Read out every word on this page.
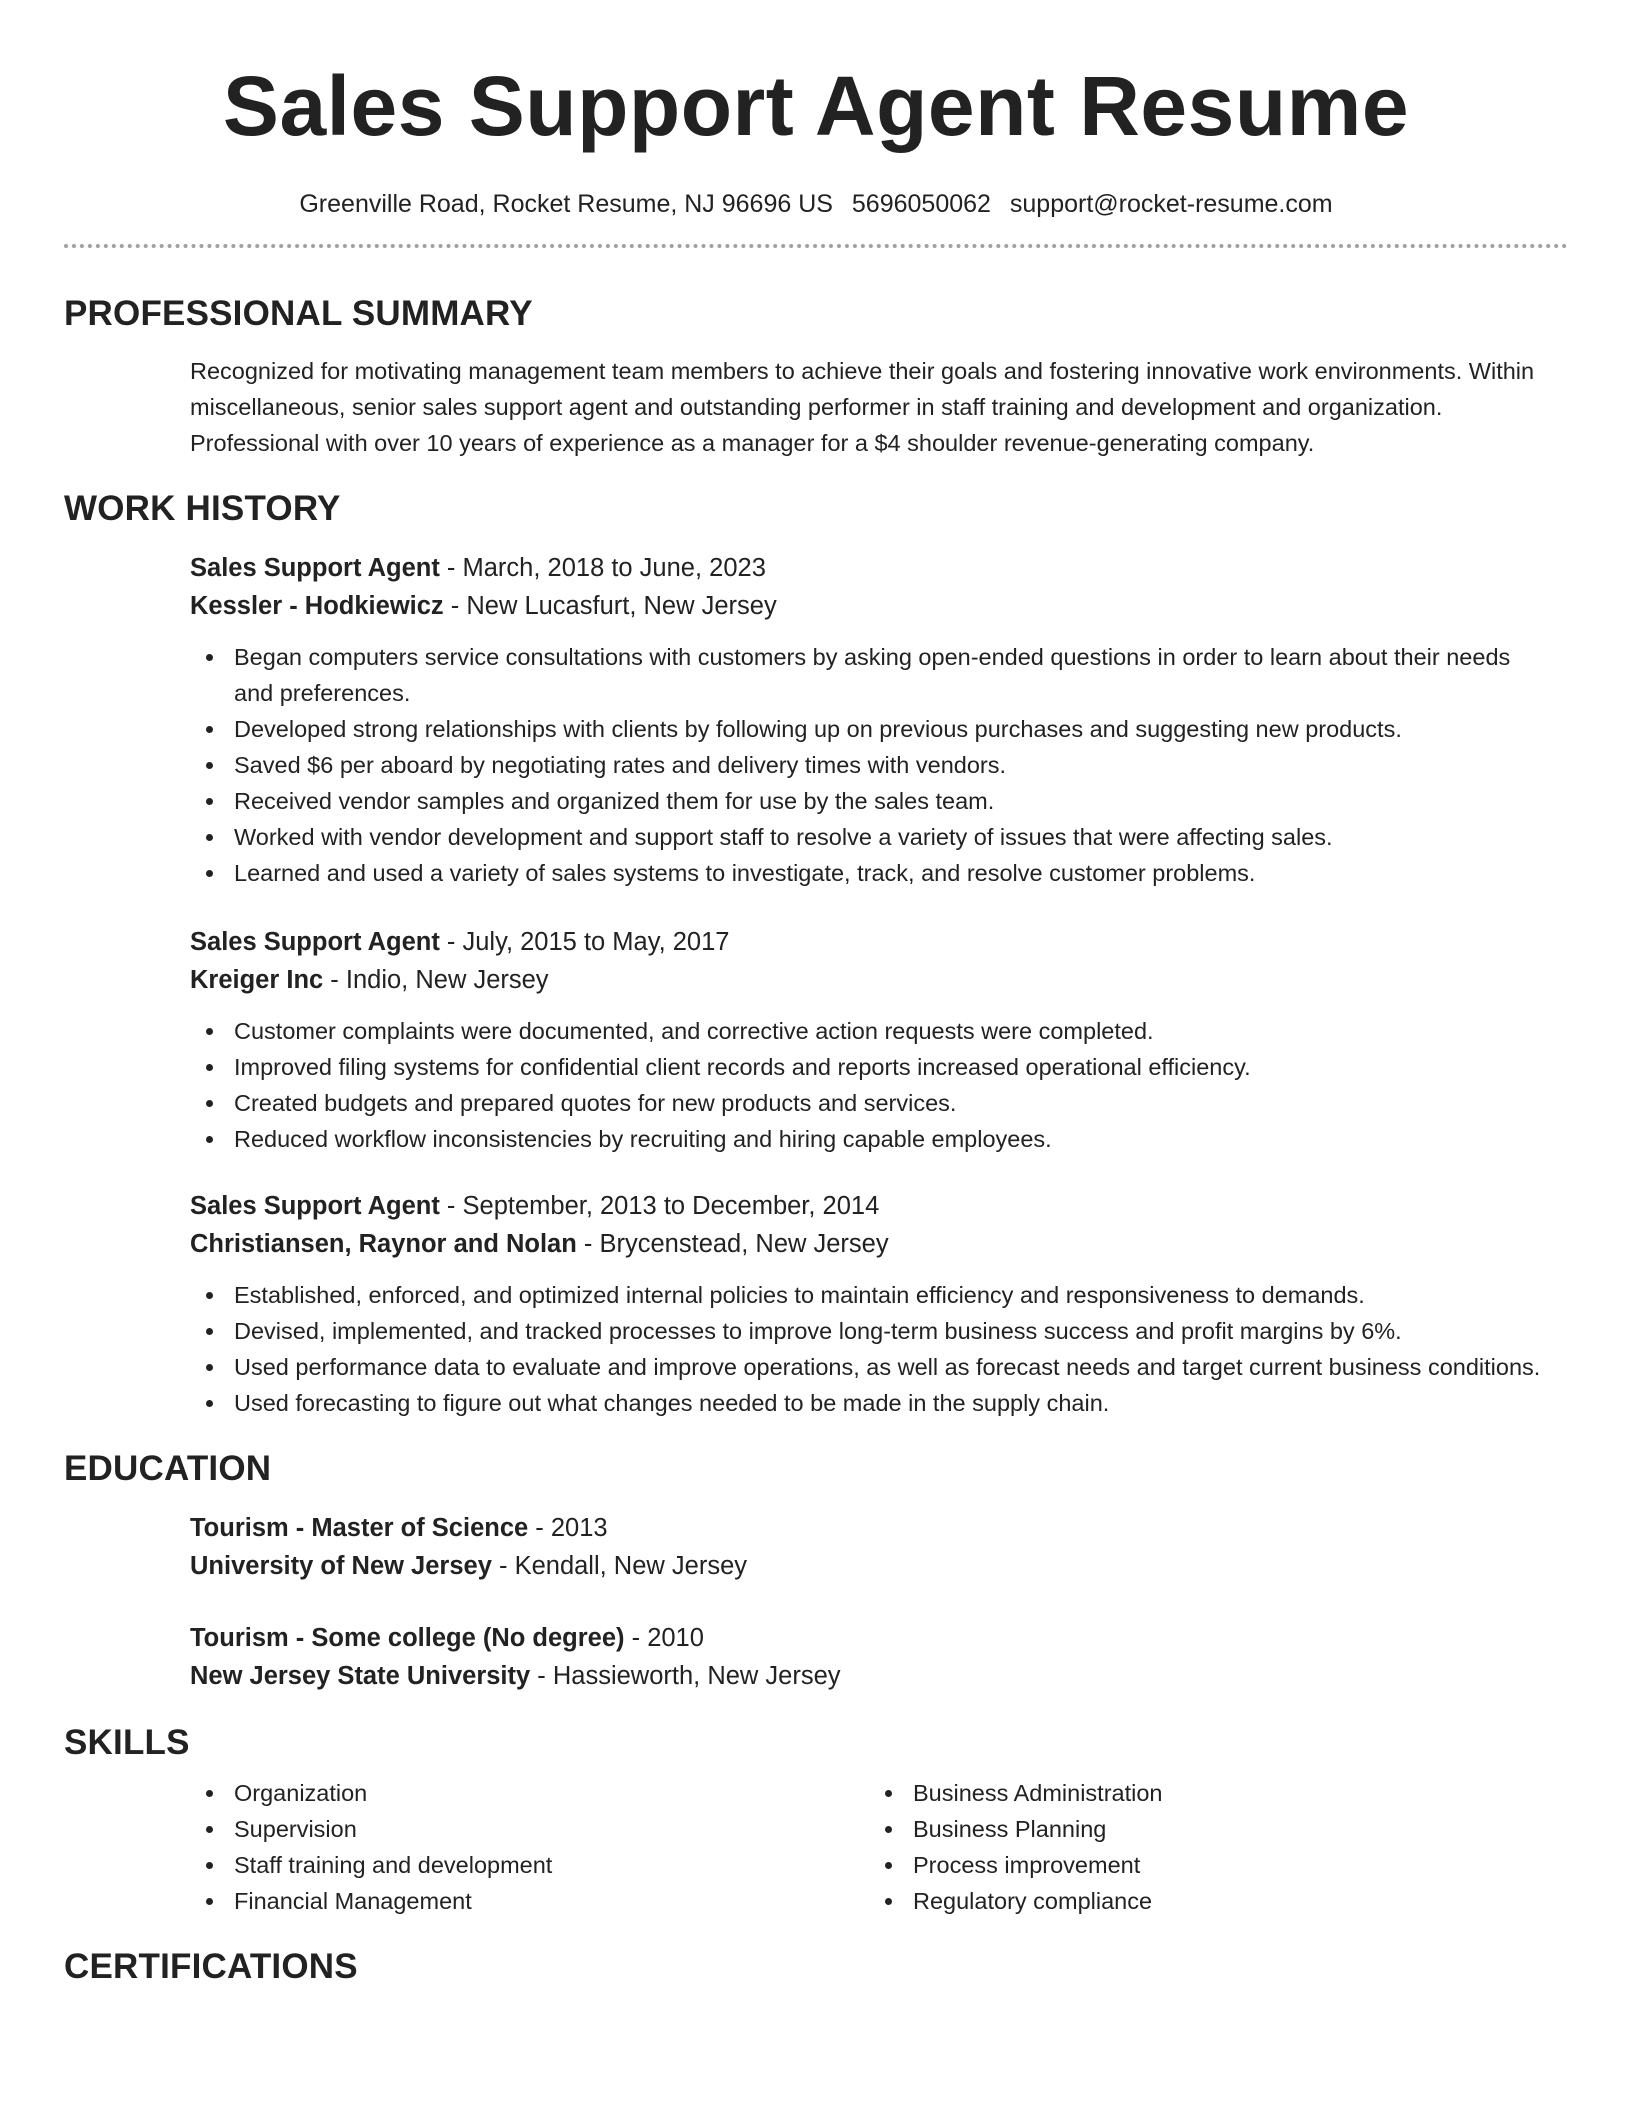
Sales Support Agent Resume
Greenville Road, Rocket Resume, NJ 96696 US 5696050062 support@rocket-resume.com
PROFESSIONAL SUMMARY

Recognized for motivating management team members to achieve their goals and fostering innovative work environments. Within miscellaneous, senior sales support agent and outstanding performer in staff training and development and organization. Professional with over 10 years of experience as a manager for a $4 shoulder revenue-generating company.

WORK HISTORY
Sales Support Agent - March, 2018 to June, 2023
Kessler - Hodkiewicz - New Lucasfurt, New Jersey
Began computers service consultations with customers by asking open-ended questions in order to learn about their needs and preferences.
Developed strong relationships with clients by following up on previous purchases and suggesting new products.
Saved $6 per aboard by negotiating rates and delivery times with vendors.
Received vendor samples and organized them for use by the sales team.
Worked with vendor development and support staff to resolve a variety of issues that were affecting sales.
Learned and used a variety of sales systems to investigate, track, and resolve customer problems.
Sales Support Agent - July, 2015 to May, 2017
Kreiger Inc - Indio, New Jersey
Customer complaints were documented, and corrective action requests were completed.
Improved filing systems for confidential client records and reports increased operational efficiency.
Created budgets and prepared quotes for new products and services.
Reduced workflow inconsistencies by recruiting and hiring capable employees.
Sales Support Agent - September, 2013 to December, 2014
Christiansen, Raynor and Nolan - Brycenstead, New Jersey
Established, enforced, and optimized internal policies to maintain efficiency and responsiveness to demands.
Devised, implemented, and tracked processes to improve long-term business success and profit margins by 6%.
Used performance data to evaluate and improve operations, as well as forecast needs and target current business conditions.
Used forecasting to figure out what changes needed to be made in the supply chain.
EDUCATION
Tourism - Master of Science - 2013
University of New Jersey - Kendall, New Jersey
Tourism - Some college (No degree) - 2010
New Jersey State University - Hassieworth, New Jersey
SKILLS
Organization
Supervision
Staff training and development
Financial Management
Business Administration
Business Planning
Process improvement
Regulatory compliance
CERTIFICATIONS
